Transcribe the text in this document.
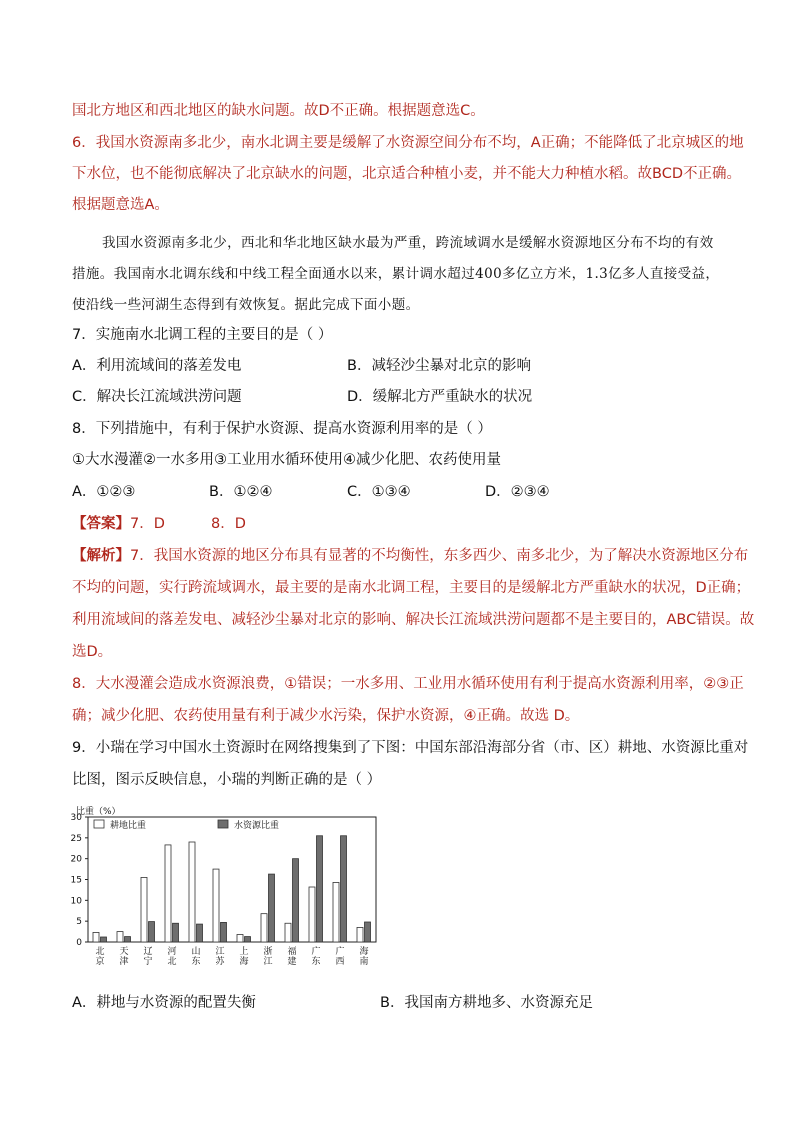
国北方地区和西北地区的缺水问题。故D不正确。根据题意选C。
6．我国水资源南多北少，南水北调主要是缓解了水资源空间分布不均，A正确；不能降低了北京城区的地
下水位，也不能彻底解决了北京缺水的问题，北京适合种植小麦，并不能大力种植水稻。故BCD不正确。
根据题意选A。
我国水资源南多北少，西北和华北地区缺水最为严重，跨流域调水是缓解水资源地区分布不均的有效
措施。我国南水北调东线和中线工程全面通水以来，累计调水超过400多亿立方米，1.3亿多人直接受益，
使沿线一些河湖生态得到有效恢复。据此完成下面小题。
7．实施南水北调工程的主要目的是（ ）
A．利用流域间的落差发电	B．减轻沙尘暴对北京的影响
C．解决长江流域洪涝问题	D．缓解北方严重缺水的状况
8．下列措施中，有利于保护水资源、提高水资源利用率的是（ ）
①大水漫灌②一水多用③工业用水循环使用④减少化肥、农药使用量
A．①②③	B．①②④	C．①③④	D．②③④
【答案】7．D          8．D
【解析】7．我国水资源的地区分布具有显著的不均衡性，东多西少、南多北少，为了解决水资源地区分布
不均的问题，实行跨流域调水，最主要的是南水北调工程，主要目的是缓解北方严重缺水的状况，D正确；
利用流域间的落差发电、减轻沙尘暴对北京的影响、解决长江流域洪涝问题都不是主要目的，ABC错误。故
选D。
8．大水漫灌会造成水资源浪费，①错误；一水多用、工业用水循环使用有利于提高水资源利用率，②③正
确；减少化肥、农药使用量有利于减少水污染，保护水资源，④正确。故选 D。
9．小瑞在学习中国水土资源时在网络搜集到了下图：中国东部沿海部分省（市、区）耕地、水资源比重对
比图，图示反映信息，小瑞的判断正确的是（ ）
比重（%）
0
5
10
15
20
25
30
耕地比重	水资源比重
北
京
天
津
辽
宁
河
北
山
东
江
苏
上
海
浙
江
福
建
广
东
广
西
海
南
A．耕地与水资源的配置失衡	B．我国南方耕地多、水资源充足
